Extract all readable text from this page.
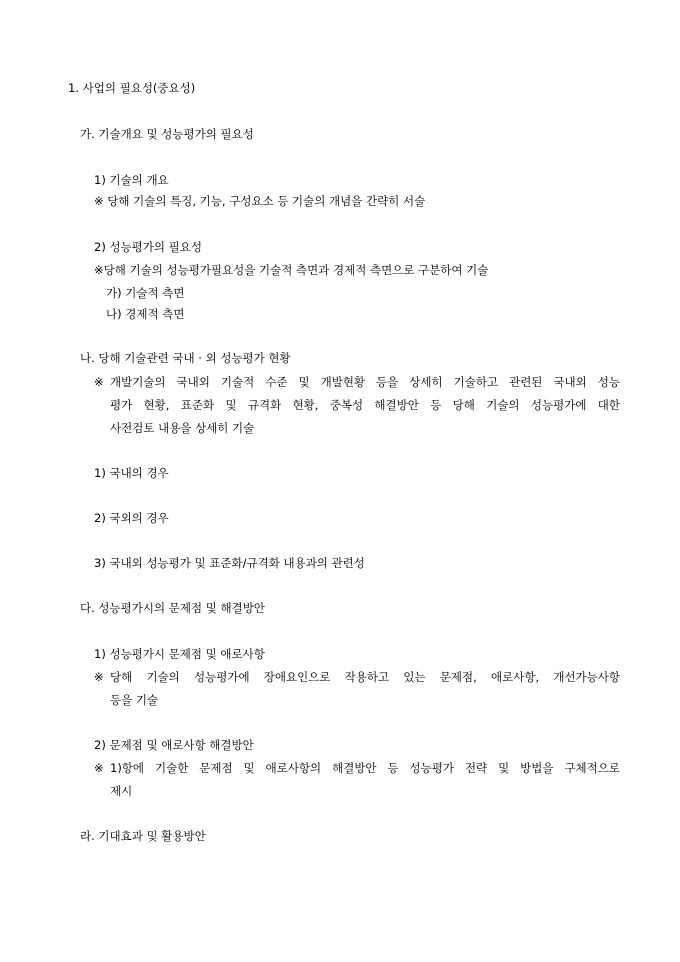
1. 사업의 필요성(중요성)
가. 기술개요 및 성능평가의 필요성
1) 기술의 개요
※ 당해 기술의 특징, 기능, 구성요소 등 기술의 개념을 간략히 서술
2) 성능평가의 필요성
※당해 기술의 성능평가필요성을 기술적 측면과 경제적 측면으로 구분하여 기술
가) 기술적 측면
나) 경제적 측면
나. 당해 기술관련 국내 · 외 성능평가 현황
※ 개발기술의 국내외 기술적 수준 및 개발현황 등을 상세히 기술하고 관련된 국내외 성능
평가 현황, 표준화 및 규격화 현황, 중복성 해결방안 등 당해 기술의 성능평가에 대한
사전검토 내용을 상세히 기술
1) 국내의 경우
2) 국외의 경우
3) 국내외 성능평가 및 표준화/규격화 내용과의 관련성
다. 성능평가시의 문제점 및 해결방안
1) 성능평가시 문제점 및 애로사항
※ 당해 기술의 성능평가에 장애요인으로 작용하고 있는 문제점, 애로사항, 개선가능사항
등을 기술
2) 문제점 및 애로사항 해결방안
※ 1)항에 기술한 문제점 및 애로사항의 해결방안 등 성능평가 전략 및 방법을 구체적으로
제시
라. 기대효과 및 활용방안
